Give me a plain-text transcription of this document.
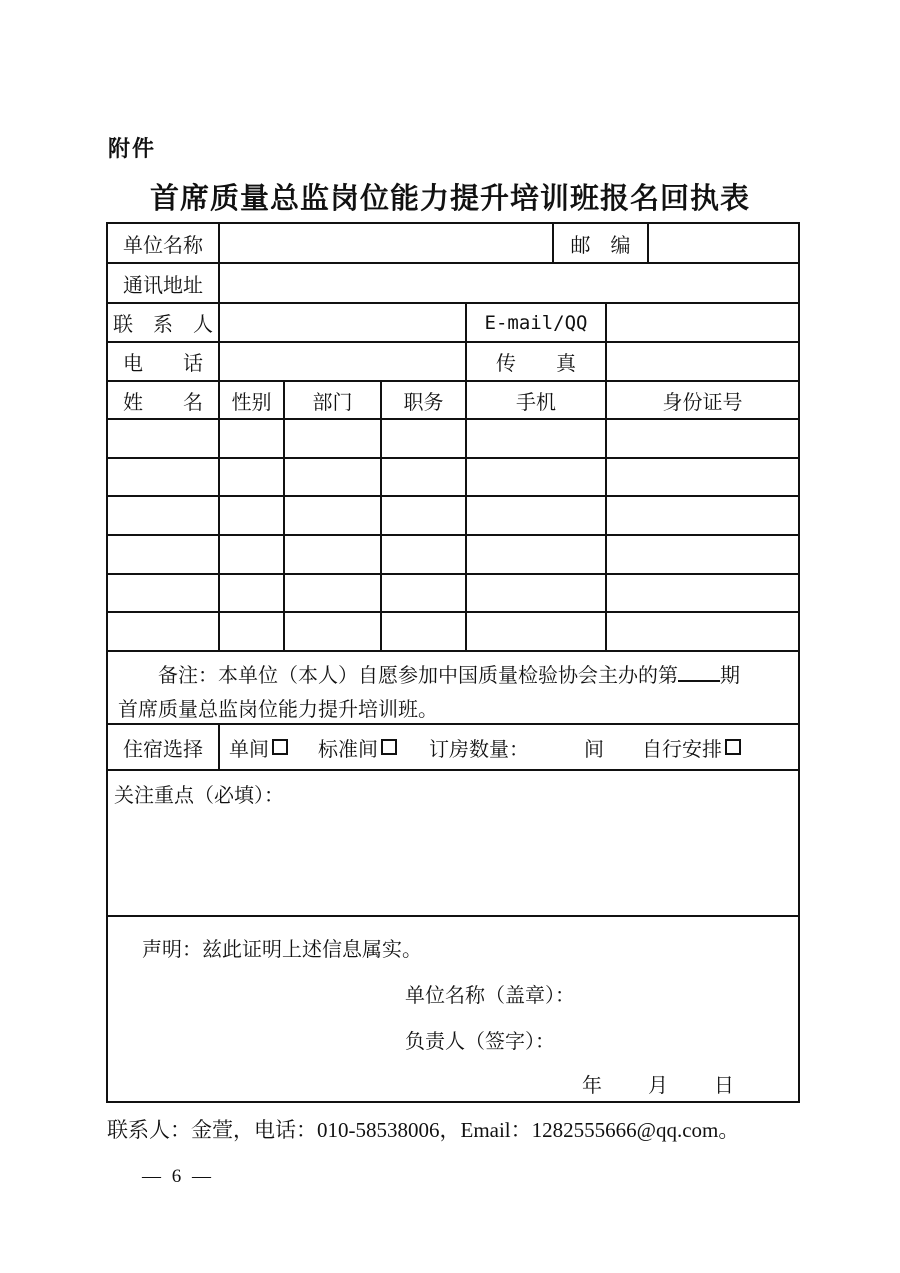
附件
首席质量总监岗位能力提升培训班报名回执表
单位名称	邮　编
通讯地址
联　系　人	E-mail/QQ
电　　话	传　　真
姓　　名	性别	部门	职务	手机	身份证号
备注：本单位（本人）自愿参加中国质量检验协会主办的第 期
首席质量总监岗位能力提升培训班。
住宿选择	单间 标准间	订房数量：	间 自行安排
关注重点（必填）：
声明：兹此证明上述信息属实。
单位名称（盖章）：
负责人（签字）：
年　　月　　日
联系人：金萱，电话：010-58538006，Email：1282555666@qq.com。
— 6 —
